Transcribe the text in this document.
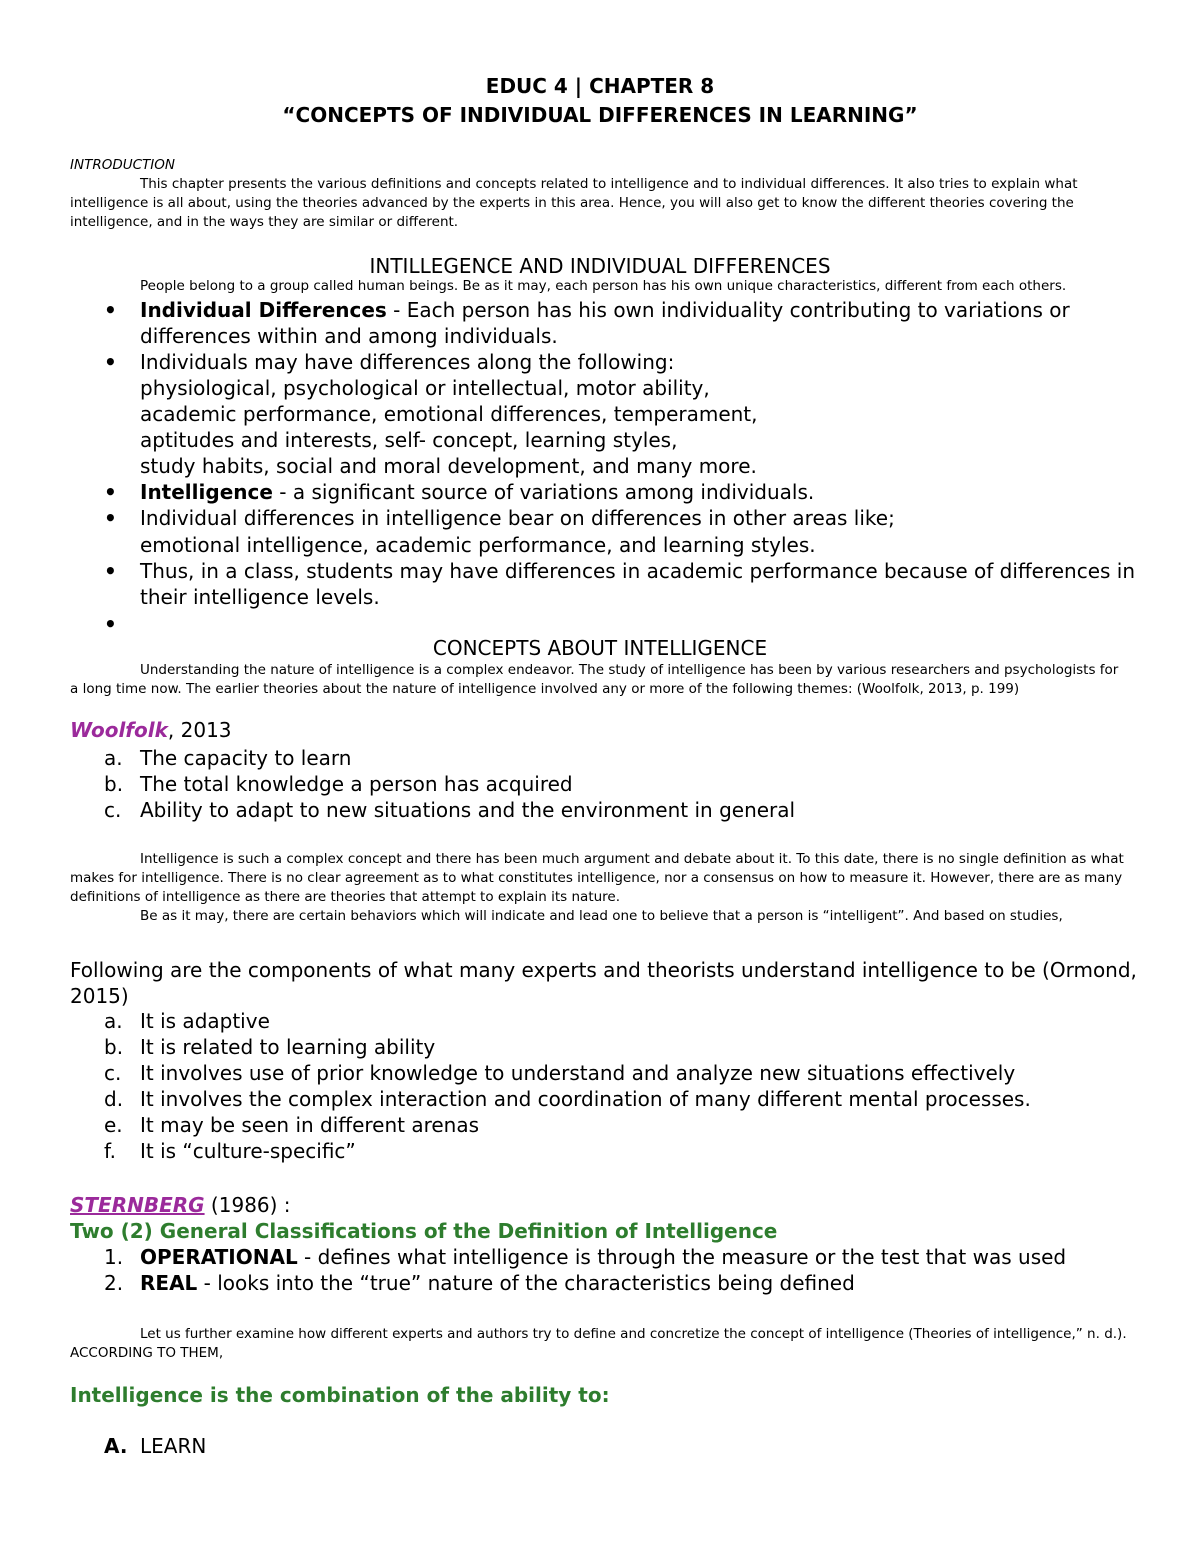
EDUC 4 | CHAPTER 8
“CONCEPTS OF INDIVIDUAL DIFFERENCES IN LEARNING”
INTRODUCTION
This chapter presents the various definitions and concepts related to intelligence and to individual differences. It also tries to explain what intelligence is all about, using the theories advanced by the experts in this area. Hence, you will also get to know the different theories covering the intelligence, and in the ways they are similar or different.
INTILLEGENCE AND INDIVIDUAL DIFFERENCES
People belong to a group called human beings. Be as it may, each person has his own unique characteristics, different from each others.
• Individual Differences - Each person has his own individuality contributing to variations or
differences within and among individuals.
• Individuals may have differences along the following:
physiological, psychological or intellectual, motor ability,
academic performance, emotional differences, temperament,
aptitudes and interests, self- concept, learning styles,
study habits, social and moral development, and many more.
• Intelligence - a significant source of variations among individuals.
• Individual differences in intelligence bear on differences in other areas like;
emotional intelligence, academic performance, and learning styles.
• Thus, in a class, students may have differences in academic performance because of differences in
their intelligence levels.
•
CONCEPTS ABOUT INTELLIGENCE
Understanding the nature of intelligence is a complex endeavor. The study of intelligence has been by various researchers and psychologists for a long time now. The earlier theories about the nature of intelligence involved any or more of the following themes: (Woolfolk, 2013, p. 199)
Woolfolk, 2013
a. The capacity to learn
b. The total knowledge a person has acquired
c. Ability to adapt to new situations and the environment in general
Intelligence is such a complex concept and there has been much argument and debate about it. To this date, there is no single definition as what makes for intelligence. There is no clear agreement as to what constitutes intelligence, nor a consensus on how to measure it. However, there are as many definitions of intelligence as there are theories that attempt to explain its nature.
Be as it may, there are certain behaviors which will indicate and lead one to believe that a person is “intelligent”. And based on studies,
Following are the components of what many experts and theorists understand intelligence to be (Ormond,
2015)
a. It is adaptive
b. It is related to learning ability
c. It involves use of prior knowledge to understand and analyze new situations effectively
d. It involves the complex interaction and coordination of many different mental processes.
e. It may be seen in different arenas
f. It is “culture-specific”
STERNBERG (1986) :
Two (2) General Classifications of the Definition of Intelligence
1. OPERATIONAL - defines what intelligence is through the measure or the test that was used
2. REAL - looks into the “true” nature of the characteristics being defined
Let us further examine how different experts and authors try to define and concretize the concept of intelligence (Theories of intelligence,” n. d.). ACCORDING TO THEM,
Intelligence is the combination of the ability to:
A. LEARN
